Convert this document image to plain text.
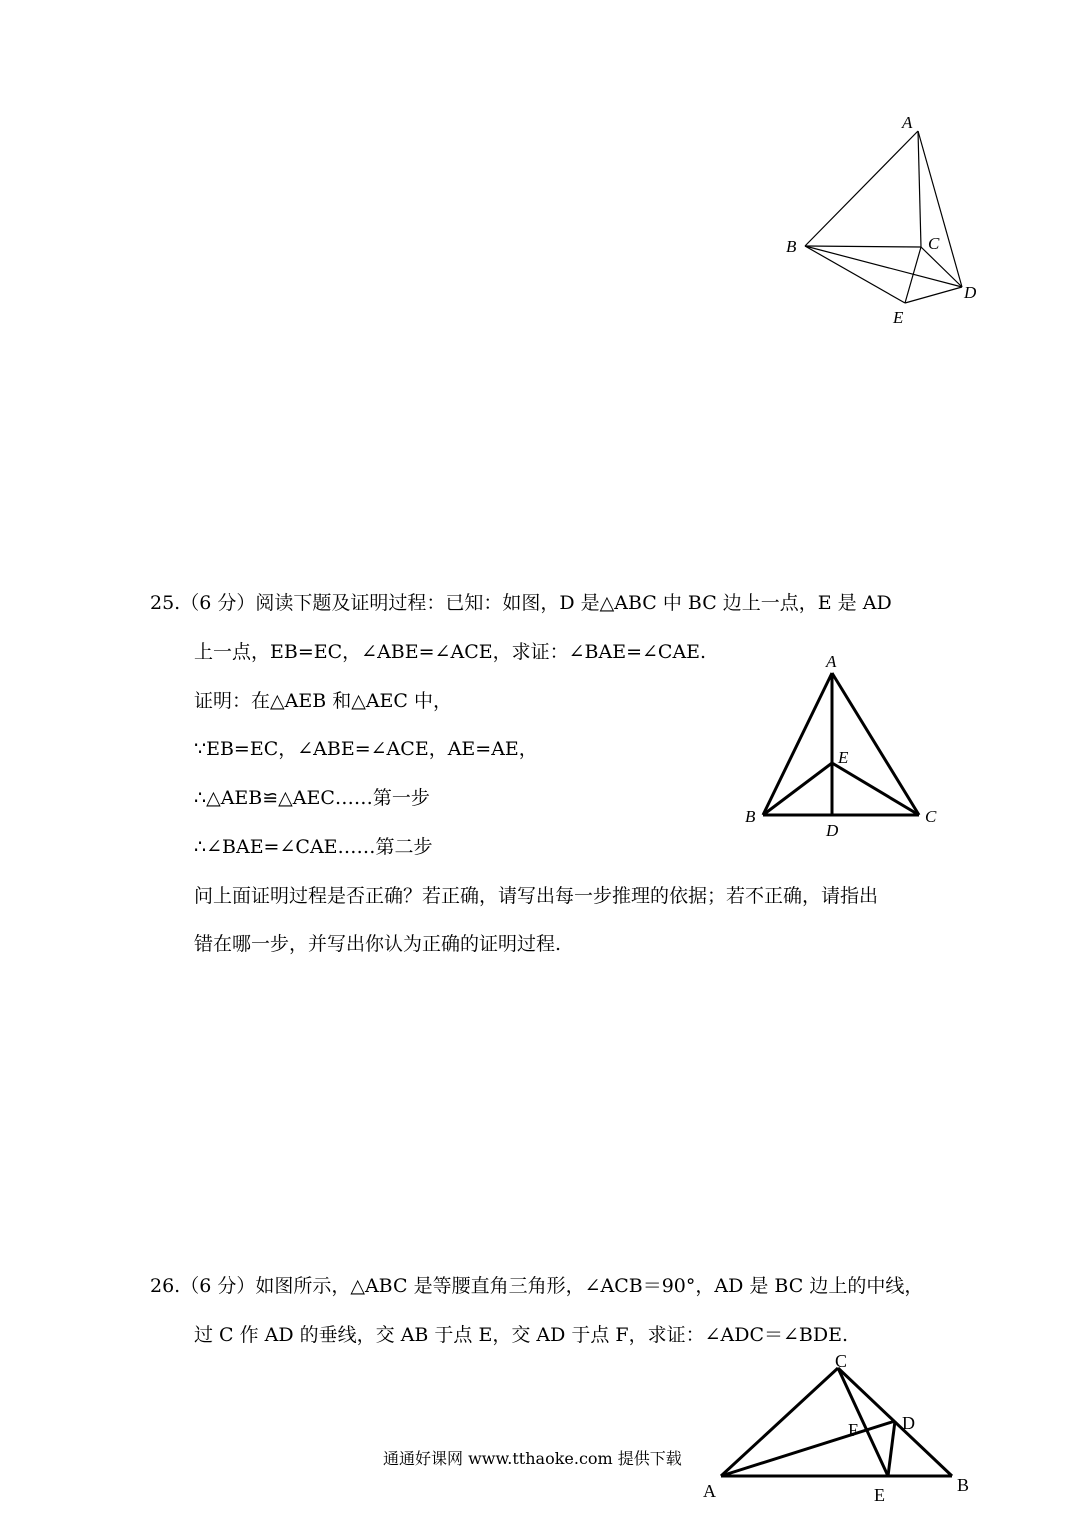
A
B	C
D
E
25.（6 分）阅读下题及证明过程：已知：如图，D 是△ABC 中 BC 边上一点，E 是 AD
上一点，EB=EC，∠ABE=∠ACE，求证：∠BAE=∠CAE.
证明：在△AEB 和△AEC 中，
∵EB=EC，∠ABE=∠ACE，AE=AE，
∴△AEB≌△AEC……第一步
∴∠BAE=∠CAE……第二步
问上面证明过程是否正确？若正确，请写出每一步推理的依据；若不正确，请指出
错在哪一步，并写出你认为正确的证明过程.
A
E
B	C
D
26.（6 分）如图所示，△ABC 是等腰直角三角形，∠ACB＝90°，AD 是 BC 边上的中线，
过 C 作 AD 的垂线，交 AB 于点 E，交 AD 于点 F，求证：∠ADC＝∠BDE.
C
D
F
A	E	B
通通好课网 www.tthaoke.com 提供下载
